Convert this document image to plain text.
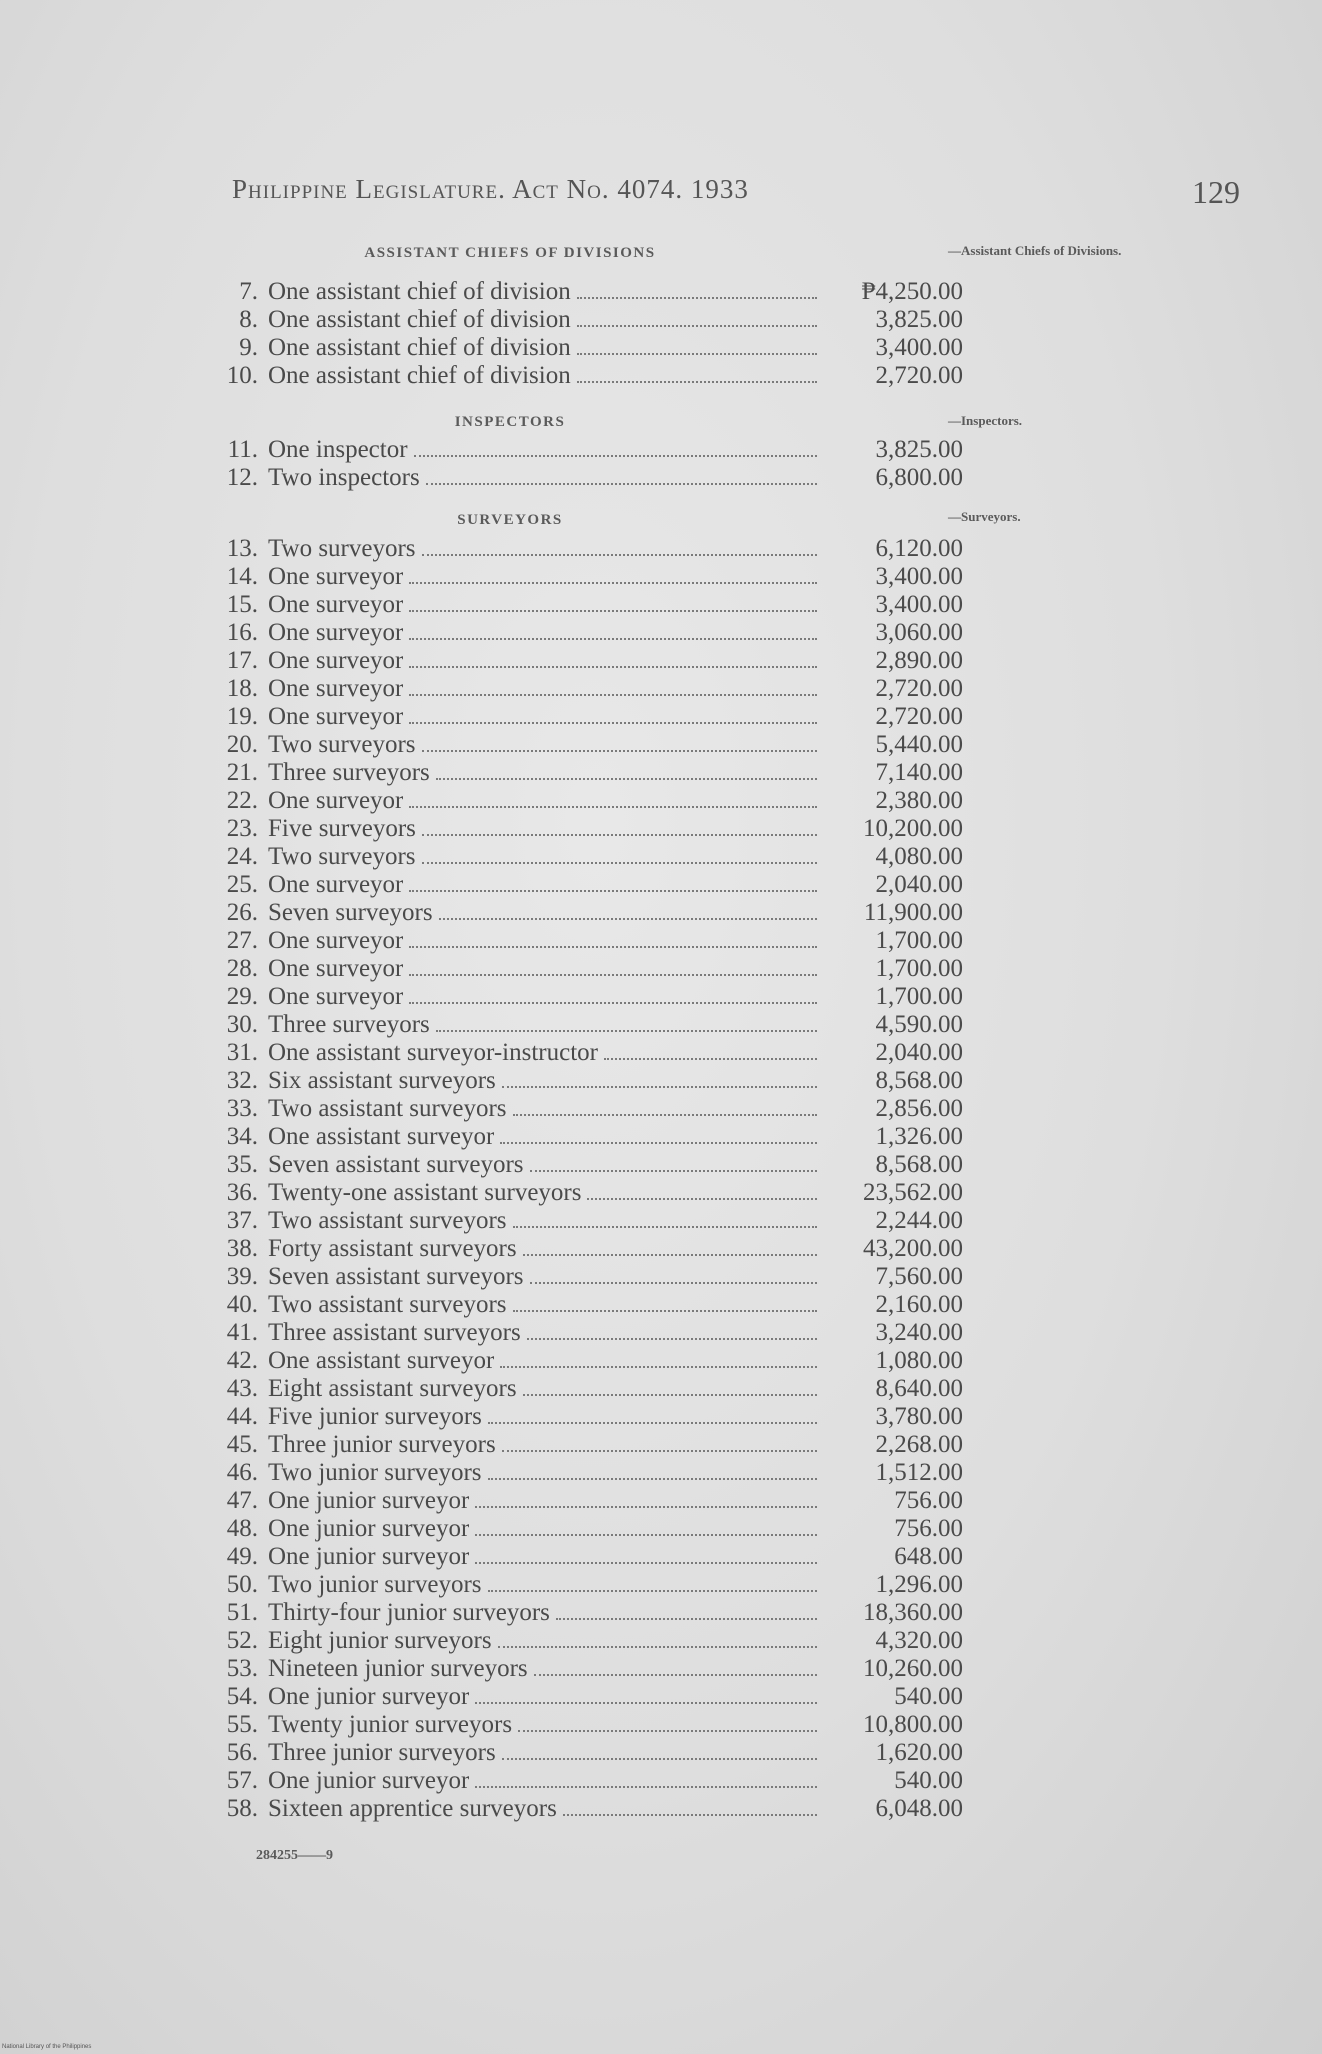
Philippine Legislature. Act No. 4074. 1933	129
ASSISTANT CHIEFS OF DIVISIONS	—Assistant Chiefs of Divisions.
7. One assistant chief of division	₱4,250.00
8. One assistant chief of division	3,825.00
9. One assistant chief of division	3,400.00
10. One assistant chief of division	2,720.00
INSPECTORS	—Inspectors.
11. One inspector	3,825.00
12. Two inspectors	6,800.00
SURVEYORS	—Surveyors.
13. Two surveyors	6,120.00
14. One surveyor	3,400.00
15. One surveyor	3,400.00
16. One surveyor	3,060.00
17. One surveyor	2,890.00
18. One surveyor	2,720.00
19. One surveyor	2,720.00
20. Two surveyors	5,440.00
21. Three surveyors	7,140.00
22. One surveyor	2,380.00
23. Five surveyors	10,200.00
24. Two surveyors	4,080.00
25. One surveyor	2,040.00
26. Seven surveyors	11,900.00
27. One surveyor	1,700.00
28. One surveyor	1,700.00
29. One surveyor	1,700.00
30. Three surveyors	4,590.00
31. One assistant surveyor-instructor	2,040.00
32. Six assistant surveyors	8,568.00
33. Two assistant surveyors	2,856.00
34. One assistant surveyor	1,326.00
35. Seven assistant surveyors	8,568.00
36. Twenty-one assistant surveyors	23,562.00
37. Two assistant surveyors	2,244.00
38. Forty assistant surveyors	43,200.00
39. Seven assistant surveyors	7,560.00
40. Two assistant surveyors	2,160.00
41. Three assistant surveyors	3,240.00
42. One assistant surveyor	1,080.00
43. Eight assistant surveyors	8,640.00
44. Five junior surveyors	3,780.00
45. Three junior surveyors	2,268.00
46. Two junior surveyors	1,512.00
47. One junior surveyor	756.00
48. One junior surveyor	756.00
49. One junior surveyor	648.00
50. Two junior surveyors	1,296.00
51. Thirty-four junior surveyors	18,360.00
52. Eight junior surveyors	4,320.00
53. Nineteen junior surveyors	10,260.00
54. One junior surveyor	540.00
55. Twenty junior surveyors	10,800.00
56. Three junior surveyors	1,620.00
57. One junior surveyor	540.00
58. Sixteen apprentice surveyors	6,048.00
284255——9
National Library of the Philippines
